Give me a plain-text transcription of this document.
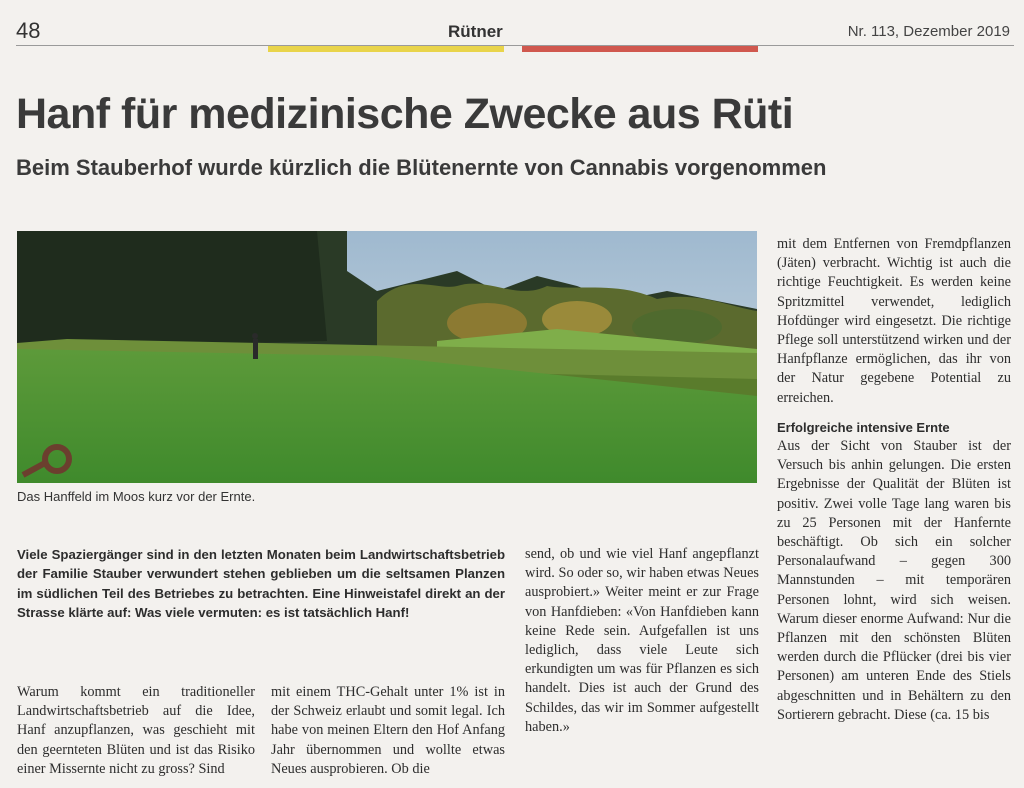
48	Rütner	Nr. 113, Dezember 2019
Hanf für medizinische Zwecke aus Rüti
Beim Stauberhof wurde kürzlich die Blütenernte von Cannabis vorgenommen
Das Hanffeld im Moos kurz vor der Ernte.
Viele Spaziergänger sind in den letzten Monaten beim Landwirtschaftsbetrieb der Familie Stauber verwundert stehen geblieben um die seltsamen Planzen im südlichen Teil des Betriebes zu betrachten. Eine Hinweistafel direkt an der Strasse klärte auf: Was viele vermuten: es ist tatsächlich Hanf!

Warum kommt ein traditioneller Landwirtschaftsbetrieb auf die Idee, Hanf anzupflanzen, was geschieht mit den geernteten Blüten und ist das Risiko einer Missernte nicht zu gross? Sind

mit einem THC-Gehalt unter 1% ist in der Schweiz erlaubt und somit legal. Ich habe von meinen Eltern den Hof Anfang Jahr übernommen und wollte etwas Neues ausprobieren. Ob die

send, ob und wie viel Hanf angepflanzt wird. So oder so, wir haben etwas Neues ausprobiert.» Weiter meint er zur Frage von Hanfdieben: «Von Hanfdieben kann keine Rede sein. Aufgefallen ist uns lediglich, dass viele Leute sich erkundigten um was für Pflanzen es sich handelt. Dies ist auch der Grund des Schildes, das wir im Sommer aufgestellt haben.»

mit dem Entfernen von Fremdpflanzen (Jäten) verbracht. Wichtig ist auch die richtige Feuchtigkeit. Es werden keine Spritzmittel verwendet, lediglich Hofdünger wird eingesetzt. Die richtige Pflege soll unterstützend wirken und der Hanfpflanze ermöglichen, das ihr von der Natur gegebene Potential zu erreichen.

Erfolgreiche intensive Ernte

Aus der Sicht von Stauber ist der Versuch bis anhin gelungen. Die ersten Ergebnisse der Qualität der Blüten ist positiv. Zwei volle Tage lang waren bis zu 25 Personen mit der Hanfernte beschäftigt. Ob sich ein solcher Personalaufwand – gegen 300 Mannstunden – mit temporären Personen lohnt, wird sich weisen. Warum dieser enorme Aufwand: Nur die Pflanzen mit den schönsten Blüten werden durch die Pflücker (drei bis vier Personen) am unteren Ende des Stiels abgeschnitten und in Behältern zu den Sortierern gebracht. Diese (ca. 15 bis
